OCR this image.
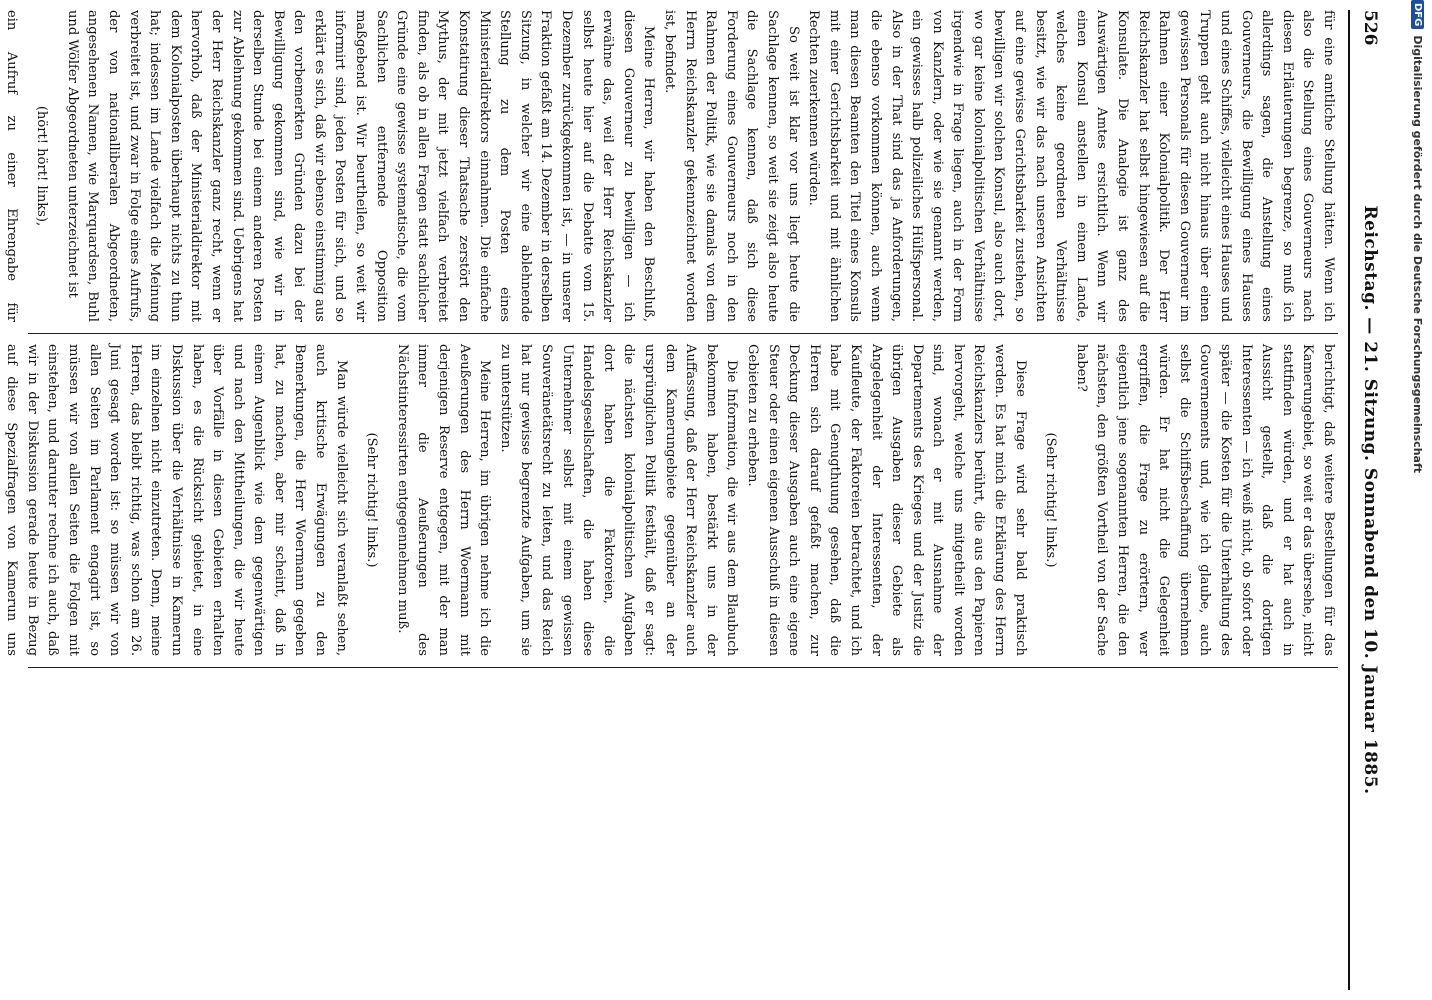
526
Reichstag. — 21. Sitzung. Sonnabend den 10. Januar 1885.

für eine amtliche Stellung hätten. Wenn ich also die Stellung eines Gouverneurs nach diesen Erläuterungen begrenze, so muß ich allerdings sagen, die Anstellung eines Gouverneurs, die Bewilligung eines Hauses und eines Schiffes, vielleicht eines Hauses und Truppen geht auch nicht hinaus über einen gewissen Personals für diesen Gouverneur im Rahmen einer Kolonialpolitik. Der Herr Reichskanzler hat selbst hingewiesen auf die Konsulate. Die Analogie ist ganz des Auswärtigen Amtes ersichtlich. Wenn wir einen Konsul anstellen in einem Lande, welches keine geordneten Verhältnisse besitzt, wie wir das nach unseren Ansichten auf eine gewisse Gerichtsbarkeit zustehen, so bewilligen wir solchen Konsul, also auch dort, wo gar keine kolonialpolitischen Verhältnisse irgendwie in Frage liegen, auch in der Form von Kanzlern, oder wie sie genannt werden, ein gewisses halb polizeiliches Hülfspersonal. Also in der That sind das ja Anforderungen, die ebenso vorkommen können, auch wenn man diesen Beamten den Titel eines Konsuls mit einer Gerichtsbarkeit und mit ähnlichen Rechten zuerkennen würden.

So weit ist klar vor uns liegt heute die Sachlage kennen, so weit sie zeigt also heute die Sachlage kennen, daß sich diese Forderung eines Gouverneurs noch in den Rahmen der Politik, wie sie damals von dem Herrn Reichskanzler gekennzeichnet worden ist, befindet.

Meine Herren, wir haben den Beschluß, diesen Gouverneur zu bewilligen — ich erwähne das, weil der Herr Reichskanzler selbst heute hier auf die Debatte vom 15. Dezember zurückgekommen ist, — in unserer Fraktion gefaßt am 14. Dezember in derselben Sitzung, in welcher wir eine ablehnende Stellung zu dem Posten eines Ministerialdirektors einnahmen. Die einfache Konstatirung dieser Thatsache zerstört den Mythus, der mit jetzt vielfach verbreitet finden, als ob in allen Fragen statt sachlicher Gründe eine gewisse systematische, die vom Sachlichen entfernende Opposition maßgebend ist. Wir beurtheilen, so weit wir informirt sind, jeden Posten für sich, und so erklärt es sich, daß wir ebenso einstimmig aus den vorbemerkten Gründen dazu bei der Bewilligung gekommen sind, wie wir in derselben Stunde bei einem anderen Posten zur Ablehnung gekommen sind. Uebrigens hat der Herr Reichskanzler ganz recht, wenn er hervorhob, daß der Ministerialdirektor mit dem Kolonialposten überhaupt nichts zu thun hat; indessen im Lande vielfach die Meinung verbreitet ist, und zwar in Folge eines Aufrufs, der von nationalliberalen Abgeordneten, angesehenen Namen, wie Marquardsen, Buhl und Wölfer Abgeordneten unterzeichnet ist

(hört! hört! links),

ein Aufruf zu einer Ehrengabe für

berichtigt, daß weitere Bestellungen für das Kamerungebiet, so weit er das übersehe, nicht stattfinden würden, und er hat auch in Aussicht gestellt, daß die dortigen Interessenten — ich weiß nicht, ob sofort oder später — die Kosten für die Unterhaltung des Gouvernements und, wie ich glaube, auch selbst die Schiffsbeschaffung übernehmen würden. Er hat nicht die Gelegenheit ergriffen, die Frage zu erörtern, wer eigentlich jene sogenannten Herren, die den nächsten, den größten Vortheil von der Sache haben?

(Sehr richtig! links.)

Diese Frage wird sehr bald praktisch werden. Es hat mich die Erklärung des Herrn Reichskanzlers berührt, die aus den Papieren hervorgeht, welche uns mitgetheilt worden sind, wonach er mit Ausnahme der Departements des Krieges und der Justiz die übrigen Ausgaben dieser Gebiete als Angelegenheit der Interessenten, der Kaufleute, der Faktoreien betrachtet, und ich habe mit Genugthuung gesehen, daß die Herren sich darauf gefaßt machen, zur Deckung dieser Ausgaben auch eine eigene Steuer oder einen eigenen Ausschuß in diesen Gebieten zu erheben.

Die Information, die wir aus dem Blaubuch bekommen haben, bestärkt uns in der Auffassung, daß der Herr Reichskanzler auch dem Kamerungebiete gegenüber an der ursprünglichen Politik festhält, daß er sagt: die nächsten kolonialpolitischen Aufgaben dort haben die Faktoreien, die Handelsgesellschaften, die haben diese Unternehmer selbst mit einem gewissen Souveränetätsrecht zu leiten, und das Reich hat nur gewisse begrenzte Aufgaben, um sie zu unterstützen.

Meine Herren, im übrigen nehme ich die Aeußerungen des Herrn Woermann mit derjenigen Reserve entgegen, mit der man immer die Aeußerungen des Nächstinteressirten entgegennehmen muß.

(Sehr richtig! links.)

Man würde vielleicht sich veranlaßt sehen, auch kritische Erwägungen zu den Bemerkungen, die Herr Woermann gegeben hat, zu machen, aber mir scheint, daß in einem Augenblick wie dem gegenwärtigen und nach den Mittheilungen, die wir heute über Vorfälle in diesen Gebieten erhalten haben, es die Rücksicht gebietet, in eine Diskussion über die Verhältnisse in Kamerun im einzelnen nicht einzutreten. Denn, meine Herren, das bleibt richtig, was schon am 26. Juni gesagt worden ist: so müssen wir von allen Seiten im Parlament engagirt ist, so müssen wir von allen Seiten die Folgen mit einstehen, und darunter rechne ich auch, daß wir in der Diskussion gerade heute in Bezug auf diese Spezialfragen von Kamerun uns

DFG
Digitalisierung gefördert durch die Deutsche Forschungsgemeinschaft
